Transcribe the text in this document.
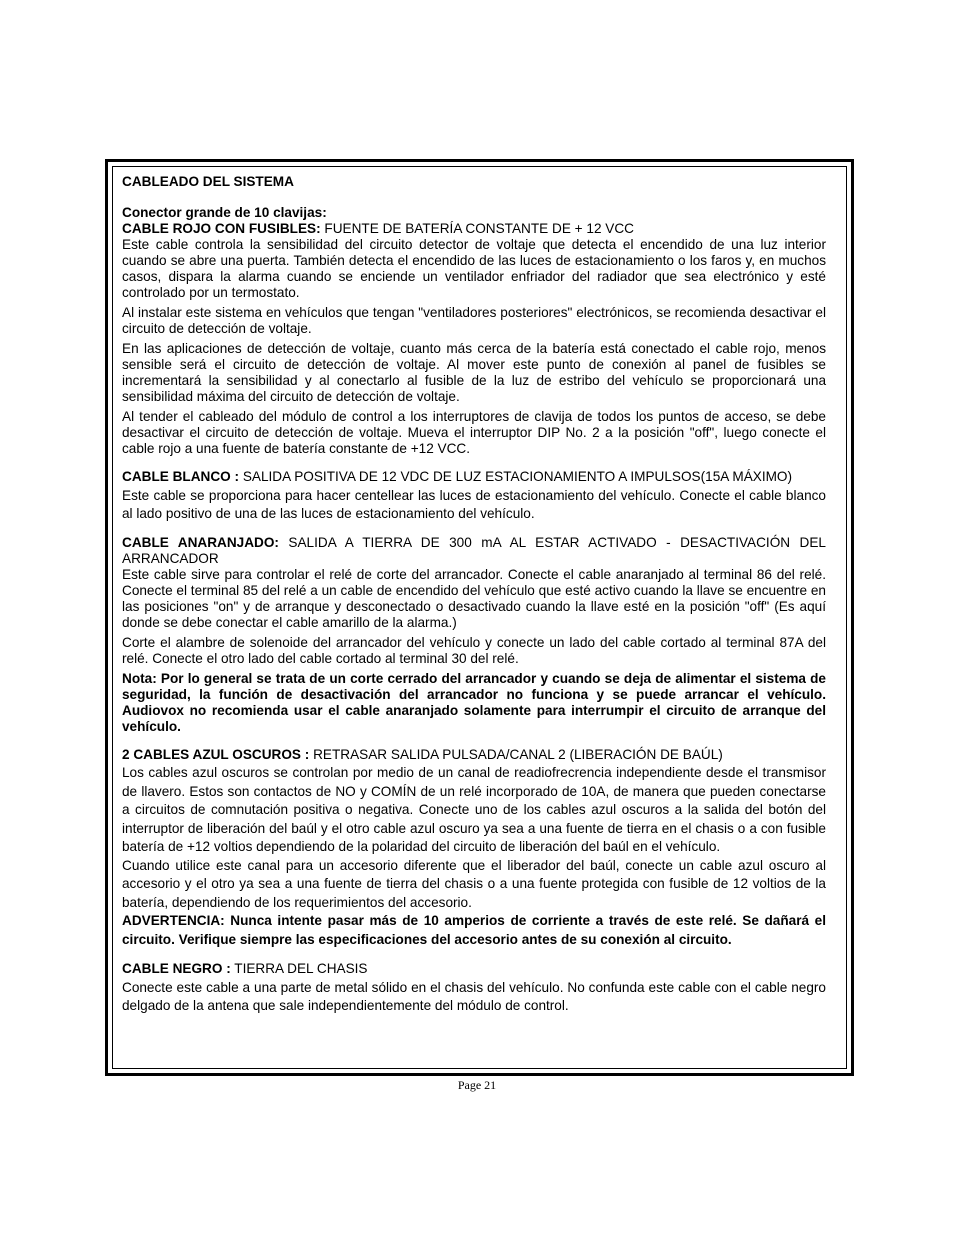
CABLEADO DEL SISTEMA

Conector grande de 10 clavijas:

CABLE ROJO CON FUSIBLES: FUENTE DE BATERÍA CONSTANTE DE + 12 VCC

Este cable controla la sensibilidad del circuito detector de voltaje que detecta el encendido de una luz interior cuando se abre una puerta. También detecta el encendido de las luces de estacionamiento o los faros y, en muchos casos, dispara la alarma cuando se enciende un ventilador enfriador del radiador que sea electrónico y esté controlado por un termostato.

Al instalar este sistema en vehículos que tengan "ventiladores posteriores" electrónicos, se recomienda desactivar el circuito de detección de voltaje.

En las aplicaciones de detección de voltaje, cuanto más cerca de la batería está conectado el cable rojo, menos sensible será el circuito de detección de voltaje. Al mover este punto de conexión al panel de fusibles se incrementará la sensibilidad y al conectarlo al fusible de la luz de estribo del vehículo se proporcionará una sensibilidad máxima del circuito de detección de voltaje.

Al tender el cableado del módulo de control a los interruptores de clavija de todos los puntos de acceso, se debe desactivar el circuito de detección de voltaje. Mueva el interruptor DIP No. 2 a la posición "off", luego conecte el cable rojo a una fuente de batería constante de +12 VCC.

CABLE BLANCO : SALIDA POSITIVA DE 12 VDC DE LUZ ESTACIONAMIENTO A IMPULSOS(15A MÁXIMO)

Este cable se proporciona para hacer centellear las luces de estacionamiento del vehículo. Conecte el cable blanco al lado positivo de una de las luces de estacionamiento del vehículo.

CABLE ANARANJADO: SALIDA A TIERRA DE 300 mA AL ESTAR ACTIVADO - DESACTIVACIÓN DEL ARRANCADOR

Este cable sirve para controlar el relé de corte del arrancador. Conecte el cable anaranjado al terminal 86 del relé. Conecte el terminal 85 del relé a un cable de encendido del vehículo que esté activo cuando la llave se encuentre en las posiciones "on" y de arranque y desconectado o desactivado cuando la llave esté en la posición "off" (Es aquí donde se debe conectar el cable amarillo de la alarma.)

Corte el alambre de solenoide del arrancador del vehículo y conecte un lado del cable cortado al terminal 87A del relé. Conecte el otro lado del cable cortado al terminal 30 del relé.

Nota: Por lo general se trata de un corte cerrado del arrancador y cuando se deja de alimentar el sistema de seguridad, la función de desactivación del arrancador no funciona y se puede arrancar el vehículo. Audiovox no recomienda usar el cable anaranjado solamente para interrumpir el circuito de arranque del vehículo.

2 CABLES AZUL OSCUROS : RETRASAR SALIDA PULSADA/CANAL 2 (LIBERACIÓN DE BAÚL)

Los cables azul oscuros se controlan por medio de un canal de readiofrecrencia independiente desde el transmisor de llavero. Estos son contactos de NO y COMÍN de un relé incorporado de 10A, de manera que pueden conectarse a circuitos de comnutación positiva o negativa. Conecte uno de los cables azul oscuros a la salida del botón del interruptor de liberación del baúl y el otro cable azul oscuro ya sea a una fuente de tierra en el chasis o a con fusible batería de +12 voltios dependiendo de la polaridad del circuito de liberación del baúl en el vehículo.

Cuando utilice este canal para un accesorio diferente que el liberador del baúl, conecte un cable azul oscuro al accesorio y el otro ya sea a una fuente de tierra del chasis o a una fuente protegida con fusible de 12 voltios de la batería, dependiendo de los requerimientos del accesorio.

ADVERTENCIA: Nunca intente pasar más de 10 amperios de corriente a través de este relé. Se dañará el circuito. Verifique siempre las especificaciones del accesorio antes de su conexión al circuito.

CABLE NEGRO : TIERRA DEL CHASIS

Conecte este cable a una parte de metal sólido en el chasis del vehículo. No confunda este cable con el cable negro delgado de la antena que sale independientemente del módulo de control.

Page 21
